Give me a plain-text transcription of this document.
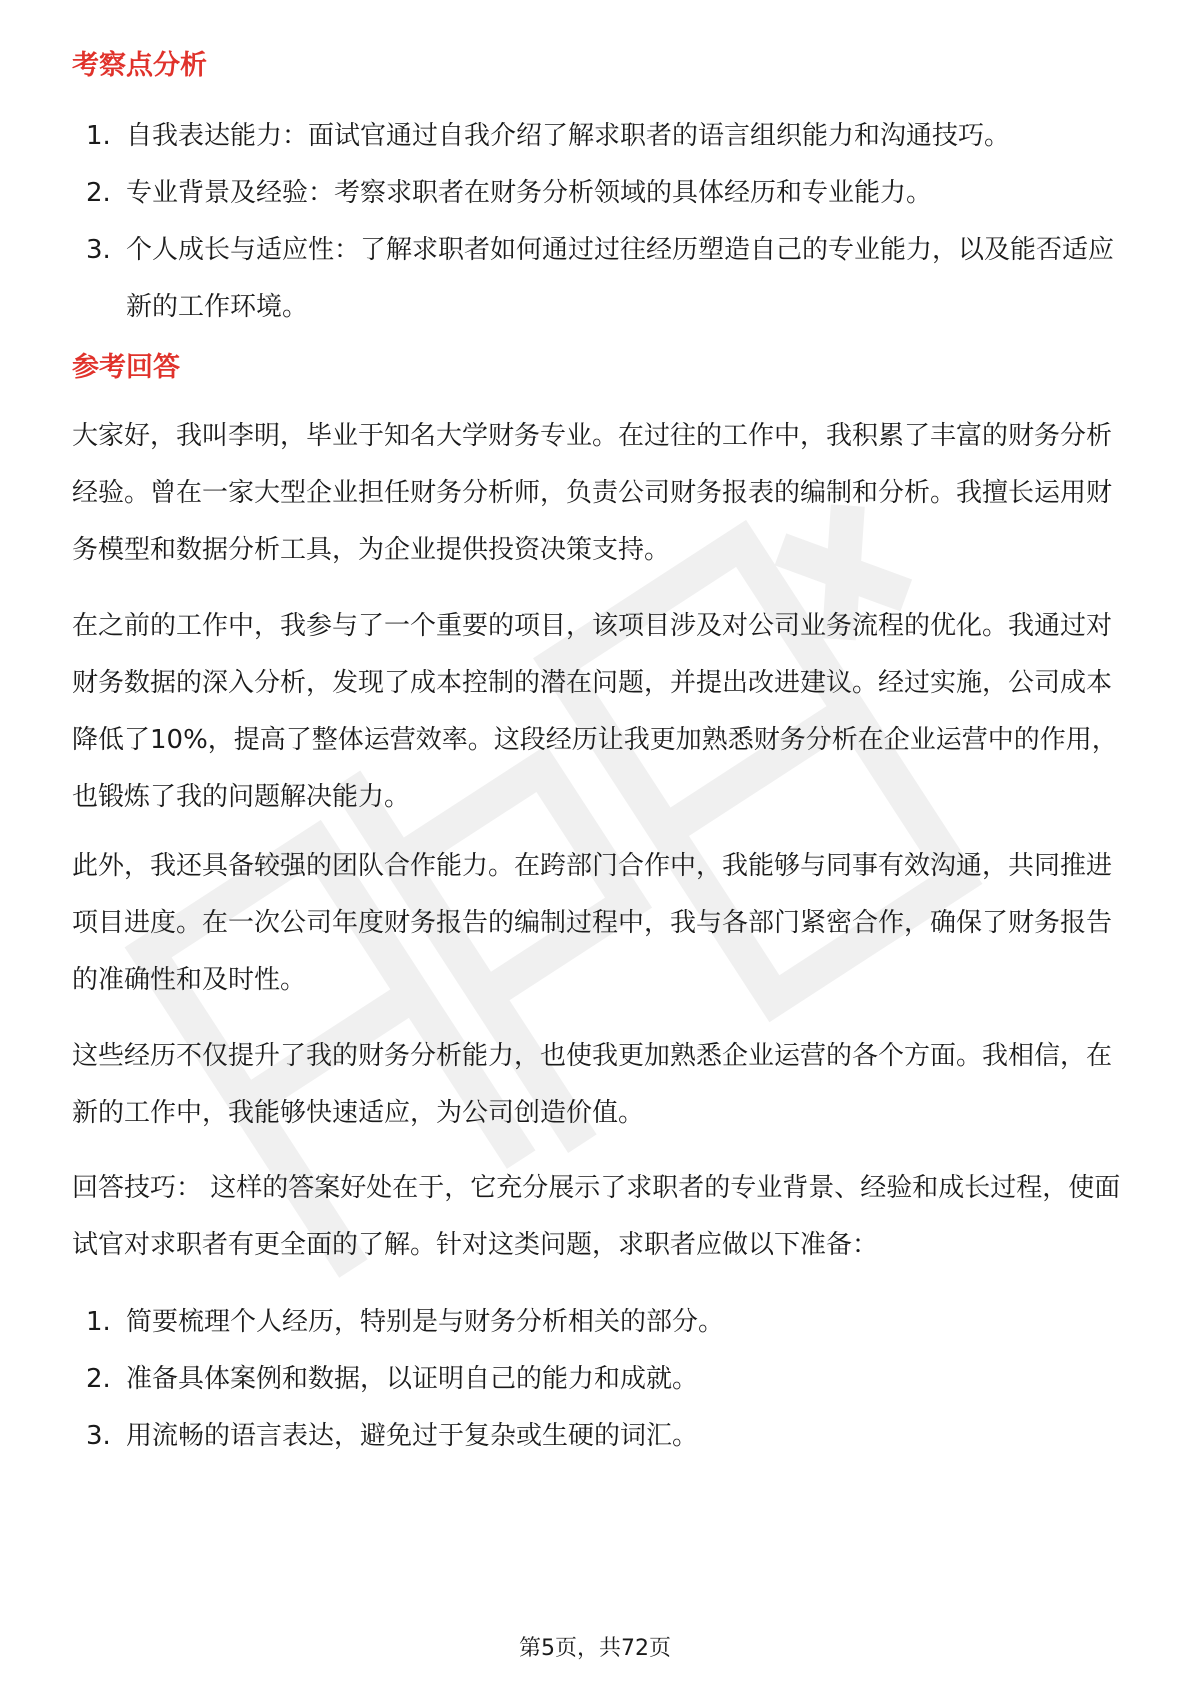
考察点分析
1. 自我表达能力：面试官通过自我介绍了解求职者的语言组织能力和沟通技巧。
2. 专业背景及经验：考察求职者在财务分析领域的具体经历和专业能力。
3. 个人成长与适应性：了解求职者如何通过过往经历塑造自己的专业能力，以及能否适应新的工作环境。
参考回答

大家好，我叫李明，毕业于知名大学财务专业。在过往的工作中，我积累了丰富的财务分析经验。曾在一家大型企业担任财务分析师，负责公司财务报表的编制和分析。我擅长运用财务模型和数据分析工具，为企业提供投资决策支持。

在之前的工作中，我参与了一个重要的项目，该项目涉及对公司业务流程的优化。我通过对财务数据的深入分析，发现了成本控制的潜在问题，并提出改进建议。经过实施，公司成本降低了10%，提高了整体运营效率。这段经历让我更加熟悉财务分析在企业运营中的作用，也锻炼了我的问题解决能力。

此外，我还具备较强的团队合作能力。在跨部门合作中，我能够与同事有效沟通，共同推进项目进度。在一次公司年度财务报告的编制过程中，我与各部门紧密合作，确保了财务报告的准确性和及时性。

这些经历不仅提升了我的财务分析能力，也使我更加熟悉企业运营的各个方面。我相信，在新的工作中，我能够快速适应，为公司创造价值。

回答技巧： 这样的答案好处在于，它充分展示了求职者的专业背景、经验和成长过程，使面试官对求职者有更全面的了解。针对这类问题，求职者应做以下准备：

1. 简要梳理个人经历，特别是与财务分析相关的部分。
2. 准备具体案例和数据，以证明自己的能力和成就。
3. 用流畅的语言表达，避免过于复杂或生硬的词汇。
第5页，共72页
